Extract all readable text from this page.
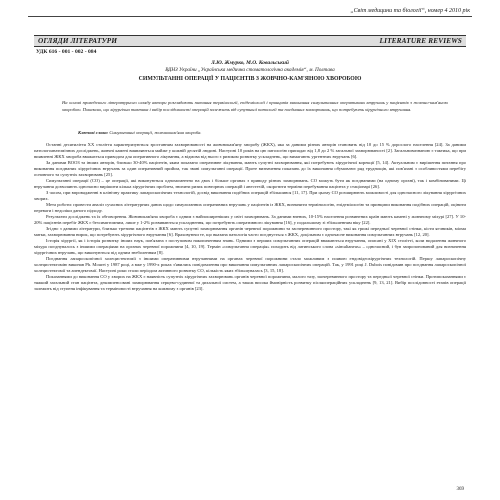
„Світ медицини та біології“, номер 4 2010 рік
ОГЛЯДИ ЛІТЕРАТУРИ	LITERATURE REVIEWS
УДК 616 - 001 - 002 - 084
Л.Ю. Жмурко, М.О. Ковальський
ВДНЗ України „Українська медична стоматологічна академія“, м. Полтава
СИМУЛЬТАННІ ОПЕРАЦІЇ У ПАЦІЄНТІВ З ЖОВЧНО-КАМ'ЯНОЮ ХВОРОБОЮ
На основі проведеного літературного огляду автори розглядають питання термінології, епідеміології і принципів виконання симультанних оперативних втручань у пацієнтів з жовчно-кам'яною хворобою. Показано, що хірургічна тактика і вибір послідовності операцій залежить від супутньої патології та поєднаних захворювань, що потребують хірургічного втручання.
Ключові слова: Симультанні операції, жовчнокам'яна хвороба.

Останні десятиліття XX століття характеризуються зростанням захворюваності на жовчнокам'яну хворобу (ЖКХ), яка за даними різних авторів становить від 10 до 15 % дорослого населення [24]. За даними патологоанатомічних досліджень, жовчні камені виявляються майже у кожній десятій людині. Наступні 10 років на цю патологію припадає від 1,8 до 2 % загальної захворюваності [2]. Загальновизнаною є тактика, що при виявленні ЖКХ хвороба вважається приводом для оперативного лікування, а відмова від нього є ризиком розвитку ускладнень, що вимагають ургентних втручань [6].

За даними ВООЗ та інших авторів, близько 30-40% пацієнтів, яким показано оперативне лікування, мають супутні захворювання, які потребують хірургічної корекції [5, 14]. Актуальним є вирішення питання про виконання поєднаних хірургічних втручань за один оперативний прийом, так звані симультанні операції. Проте визначення показань до їх виконання обумовлює ряд труднощів, які пов'язані з особливостями перебігу основного та супутніх захворювань [25].

Симультанні операції (СО) – це операції, які виконуються одномоментно на двох і більше органах з приводу різних захворювань. СО можуть бути як поєднаними (на одному органі), так і комбінованими. Ці втручання дозволяють одночасно вирішити кілька хірургічних проблем, знизити ризик повторних операцій і анестезій, скоротити терміни перебування пацієнта у стаціонарі [26].

З часом, при впровадженні в клінічну практику лапароскопічних технологій, досвід виконання подібних операцій збільшився [11, 17]. При цьому СО розширюють можливості для одночасного лікування хірургічних хворих.

Мета роботи: провести аналіз сучасних літературних даних щодо симультанних оперативних втручань у пацієнтів із ЖКХ, визначити термінологію, епідеміологію та принципи виконання подібних операцій, оцінити переваги і недоліки даного підходу.

Результати досліджень та їх обговорення. Жовчнокам'яна хвороба є одним з найпоширеніших у світі захворювань. За даними вчених, 10-15% населення розвинених країн мають камені у жовчному міхурі [27]. У 10-20% пацієнтів перебіг ЖКХ є безсимптомним, лише у 1-2% розвиваються ускладнення, що потребують оперативного лікування [16], у подальшому зі збільшенням віку [22].

Згідно з даними літератури, близько третини пацієнтів з ЖКХ мають супутні захворювання органів черевної порожнини та заочеревинного простору, такі як грижі передньої черевної стінки, кісти яєчників, міома матки, захворювання нирок, що потребують хірургічного втручання [6]. Враховуючи те, що вказана патологія часто поєднується з ЖКХ, доцільним є одночасне виконання симультанних втручань [12, 20].

Історія хірургії, як і історія розвитку інших наук, пов'язана з поступовим накопиченням знань. Одними з перших симультанних операцій вважаються втручання, описані у XIX столітті, коли видалення жовчного міхура поєднувалось з іншими операціями на органах черевної порожнини [4, 10, 19]. Термін «симультанна операція» походить від латинського слова «simultaneus» – одночасний, і був запропонований для визначення хірургічних втручань, що виконуються під одним знеболенням [8].

Поєднання лапароскопічної холецистектомії з іншими оперативними втручаннями на органах черевної порожнини стало можливим з появою ендовідеохірургічних технологій. Першу лапароскопічну холецистектомію виконав Ph. Mouret у 1987 році, а вже у 1990-х роках з'явились повідомлення про виконання симультанних лапароскопічних операцій. Так, у 1991 році J. Dubois повідомив про поєднання лапароскопічної холецистектомії та апендектомії. Наступні роки стали періодом активного розвитку СО, кількість яких збільшувалась [3, 15, 18].

Показаннями до виконання СО у хворих на ЖКХ є наявність супутніх хірургічних захворювань органів черевної порожнини, малого тазу, заочеревинного простору та передньої черевної стінки. Протипоказаннями є тяжкий загальний стан пацієнта, декомпенсовані захворювання серцево-судинної та дихальної систем, а також висока ймовірність розвитку післяопераційних ускладнень [9, 13, 21]. Вибір послідовності етапів операції залежить від ступеня інфікування та терміновості втручання на кожному з органів [23].

369
